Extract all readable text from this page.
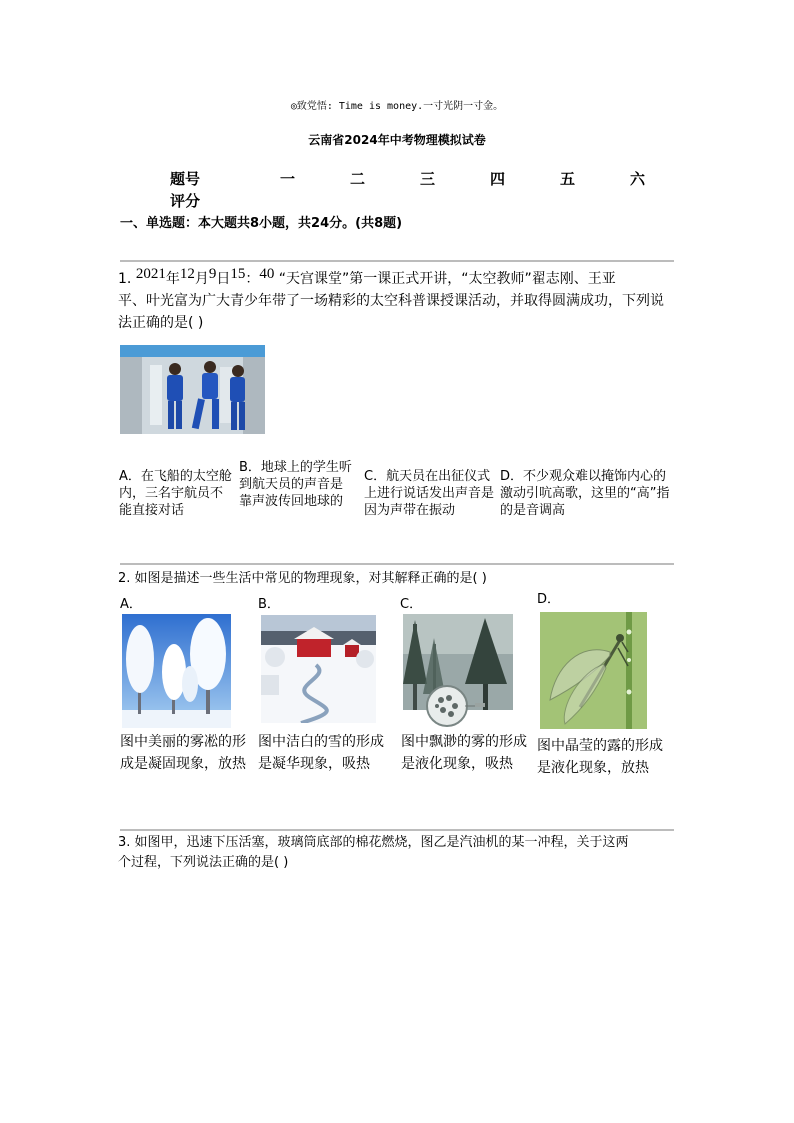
◎致党悟: Time is money.一寸光阴一寸金。
云南省2024年中考物理模拟试卷
题号	一	二	三	四	五	六
评分
一、单选题：本大题共8小题，共24分。(共8题)
1. 2021年12月9日15：40 “天宫课堂”第一课正式开讲，“太空教师”翟志刚、王亚
平、叶光富为广大青少年带了一场精彩的太空科普课授课活动，并取得圆满成功，下列说
法正确的是( )
A．在飞船的太空舱内，三名宇航员不能直接对话
B．地球上的学生听到航天员的声音是靠声波传回地球的
C．航天员在出征仪式上进行说话发出声音是因为声带在振动
D．不少观众难以掩饰内心的激动引吭高歌，这里的“高”指的是音调高
2. 如图是描述一些生活中常见的物理现象，对其解释正确的是( )
A．	B．	C．	D．
图中美丽的雾凇的形成是凝固现象，放热
图中洁白的雪的形成是凝华现象，吸热
图中飘渺的雾的形成是液化现象，吸热
图中晶莹的露的形成是液化现象，放热
3. 如图甲，迅速下压活塞，玻璃筒底部的棉花燃烧，图乙是汽油机的某一冲程，关于这两
个过程，下列说法正确的是( )
